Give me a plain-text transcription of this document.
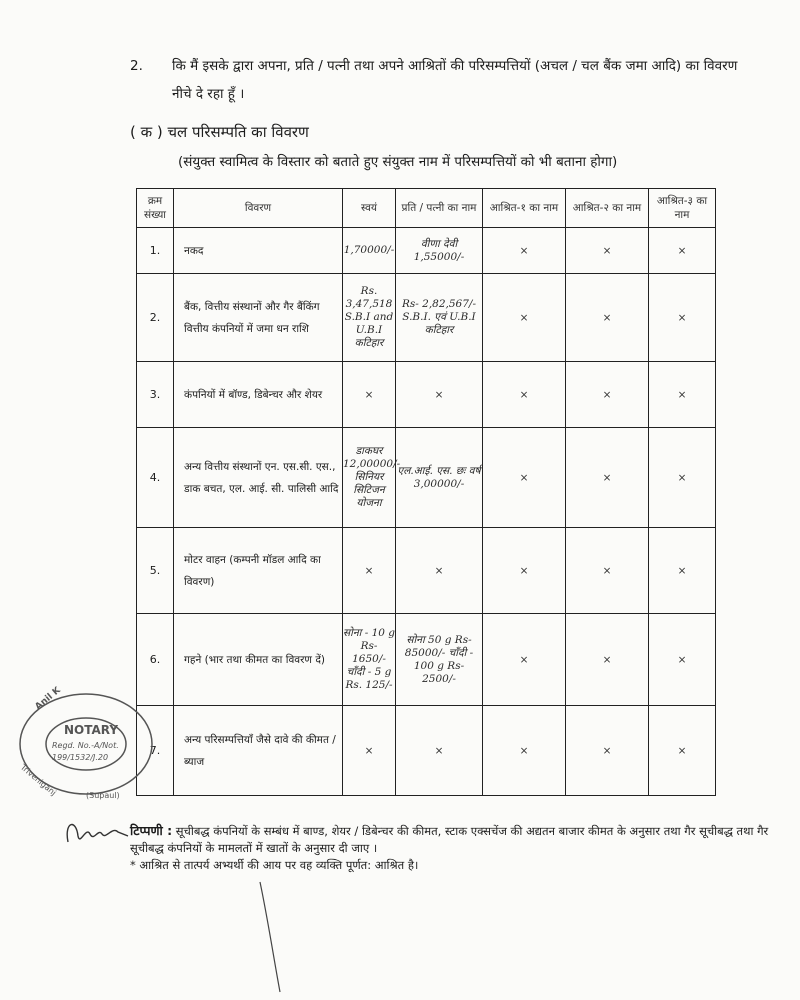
2.	कि मैं इसके द्वारा अपना, प्रति / पत्नी तथा अपने आश्रितों की परिसम्पत्तियों (अचल / चल बैंक जमा आदि) का विवरण नीचे दे रहा हूँ ।
( क ) चल परिसम्पति का विवरण
(संयुक्त स्वामित्व के विस्तार को बताते हुए संयुक्त नाम में परिसम्पत्तियों को भी बताना होगा)
क्रम संख्या	विवरण	स्वयं	प्रति / पत्नी का नाम	आश्रित-१ का नाम	आश्रित-२ का नाम	आश्रित-३ का नाम
1.	नकद	1,70000/-	वीणा देवी 1,55000/-	×	×	×
2.	बैंक, वित्तीय संस्थानों और गैर बैंकिंग वित्तीय कंपनियों में जमा धन राशि	Rs. 3,47,518 S.B.I and U.B.I कटिहार	Rs- 2,82,567/- S.B.I. एवं U.B.I कटिहार	×	×	×
3.	कंपनियों में बॉण्ड, डिबेन्चर और शेयर	×	×	×	×	×
4.	अन्य वित्तीय संस्थानों एन. एस.सी. एस., डाक बचत, एल. आई. सी. पालिसी आदि	डाकघर 12,00000/- सिनियर सिटिजन योजना	एल.आई. एस. छः वर्ष 3,00000/-	×	×	×
5.	मोटर वाहन (कम्पनी मॉडल आदि का विवरण)	×	×	×	×	×
6.	गहने (भार तथा कीमत का विवरण दें)	सोना - 10 g Rs- 1650/- चाँदी - 5 g Rs. 125/-	सोना 50 g Rs- 85000/- चाँदी - 100 g Rs- 2500/-	×	×	×
7.	अन्य परिसम्पत्तियाँ जैसे दावे की कीमत / ब्याज	×	×	×	×	×
NOTARY
Regd. No.-A/Not.
199/1532/J.20
Anil K
Triveniganj	(Supaul)
टिप्पणी : सूचीबद्ध कंपनियों के सम्बंध में बाण्ड, शेयर / डिबेन्चर की कीमत, स्टाक एक्सचेंज की अद्यतन बाजार कीमत के अनुसार तथा गैर सूचीबद्ध तथा गैर सूचीबद्ध कंपनियों के मामलतों में खातों के अनुसार दी जाए ।
* आश्रित से तात्पर्य अभ्यर्थी की आय पर वह व्यक्ति पूर्णत: आश्रित है।
